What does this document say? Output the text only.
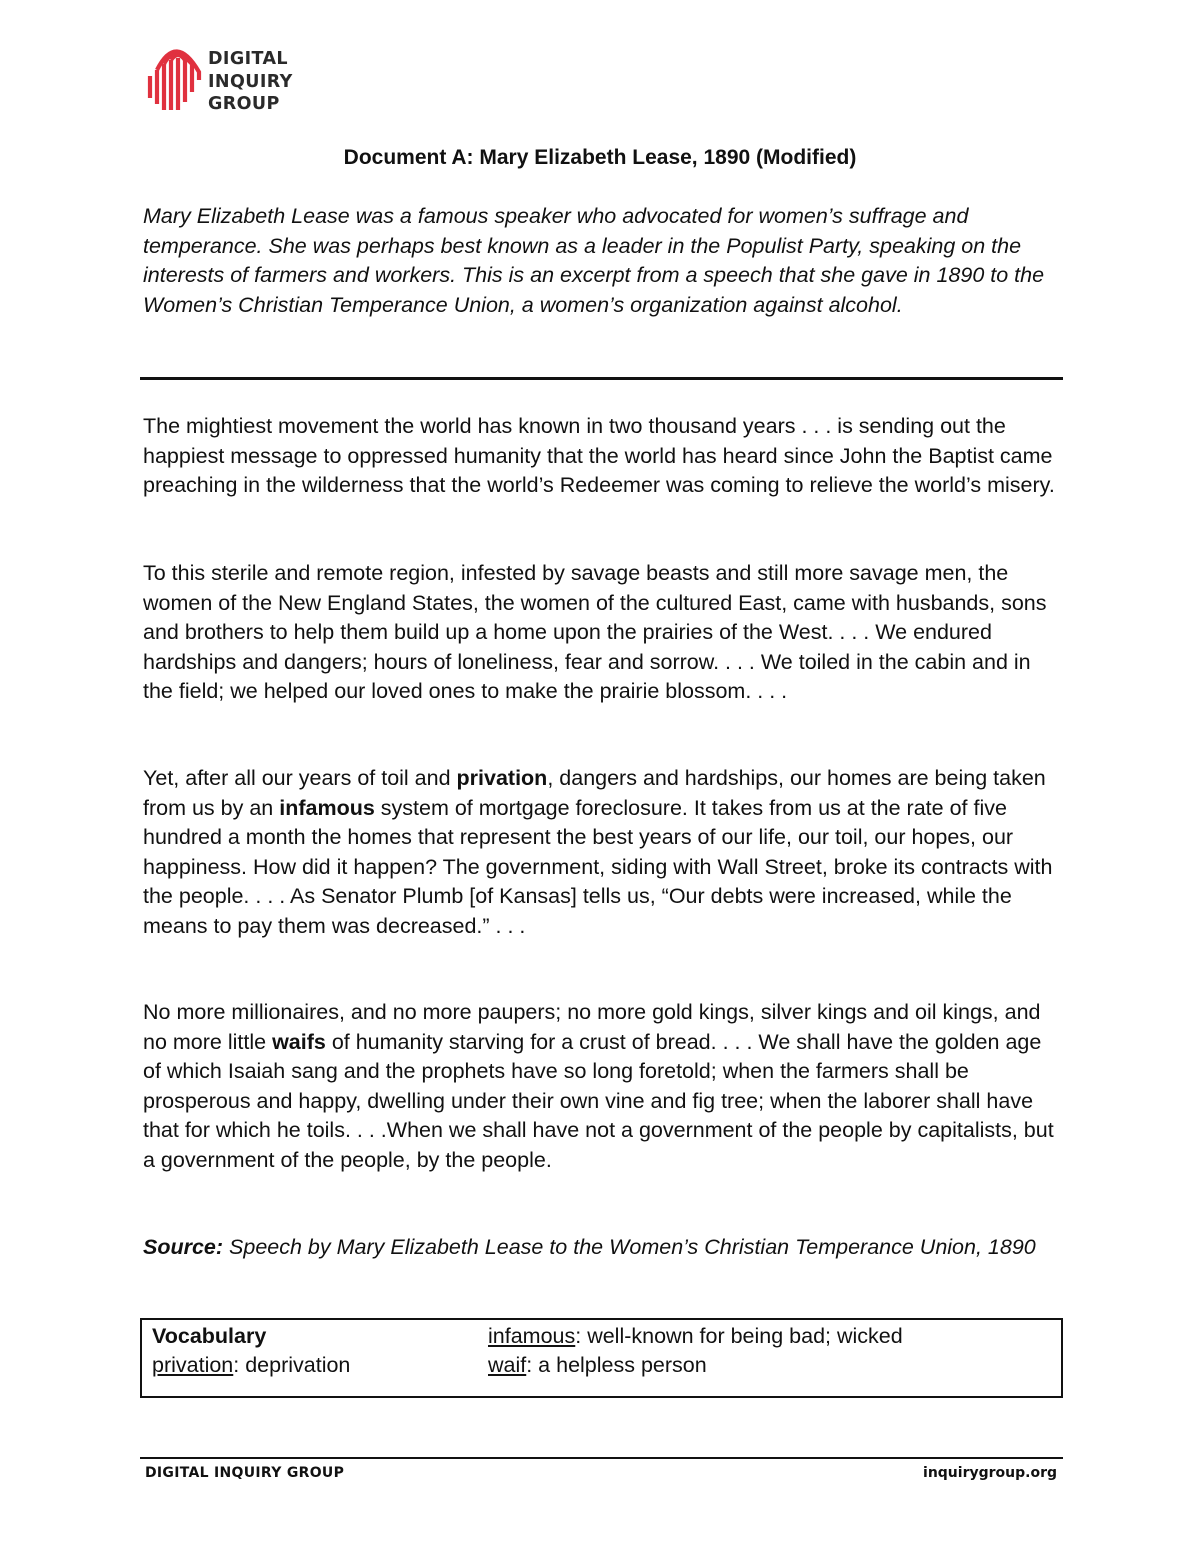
DIGITAL
INQUIRY
GROUP
Document A: Mary Elizabeth Lease, 1890 (Modified)

Mary Elizabeth Lease was a famous speaker who advocated for women’s suffrage and temperance. She was perhaps best known as a leader in the Populist Party, speaking on the interests of farmers and workers. This is an excerpt from a speech that she gave in 1890 to the Women’s Christian Temperance Union, a women’s organization against alcohol.

The mightiest movement the world has known in two thousand years . . . is sending out the happiest message to oppressed humanity that the world has heard since John the Baptist came preaching in the wilderness that the world’s Redeemer was coming to relieve the world’s misery.

To this sterile and remote region, infested by savage beasts and still more savage men, the women of the New England States, the women of the cultured East, came with husbands, sons and brothers to help them build up a home upon the prairies of the West. . . . We endured hardships and dangers; hours of loneliness, fear and sorrow. . . . We toiled in the cabin and in the field; we helped our loved ones to make the prairie blossom. . . .

Yet, after all our years of toil and privation, dangers and hardships, our homes are being taken from us by an infamous system of mortgage foreclosure. It takes from us at the rate of five hundred a month the homes that represent the best years of our life, our toil, our hopes, our happiness. How did it happen? The government, siding with Wall Street, broke its contracts with the people. . . . As Senator Plumb [of Kansas] tells us, “Our debts were increased, while the means to pay them was decreased.” . . .

No more millionaires, and no more paupers; no more gold kings, silver kings and oil kings, and no more little waifs of humanity starving for a crust of bread. . . . We shall have the golden age of which Isaiah sang and the prophets have so long foretold; when the farmers shall be prosperous and happy, dwelling under their own vine and fig tree; when the laborer shall have that for which he toils. . . .When we shall have not a government of the people by capitalists, but a government of the people, by the people.

Source: Speech by Mary Elizabeth Lease to the Women’s Christian Temperance Union, 1890

Vocabulary
privation: deprivation
infamous: well-known for being bad; wicked
waif: a helpless person
DIGITAL INQUIRY GROUP	inquirygroup.org
